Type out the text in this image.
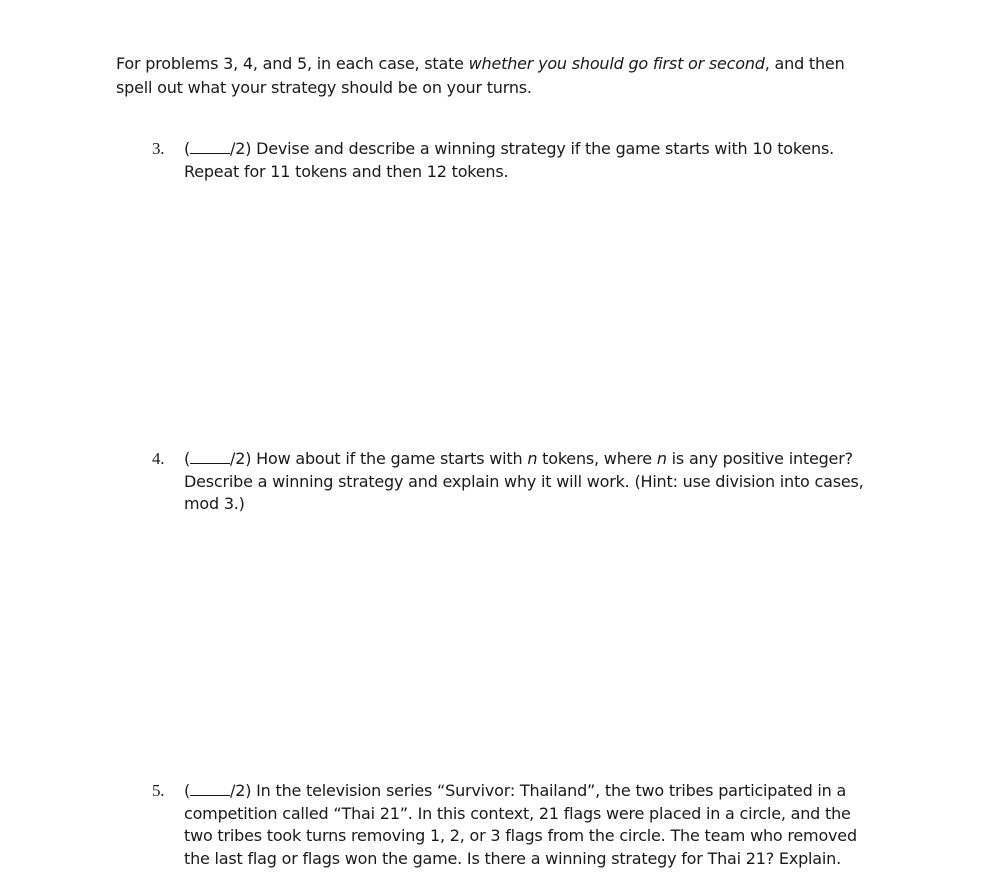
For problems 3, 4, and 5, in each case, state whether you should go first or second, and then spell out what your strategy should be on your turns.
3. (	/2) Devise and describe a winning strategy if the game starts with 10 tokens. Repeat for 11 tokens and then 12 tokens.
4. (	/2) How about if the game starts with n tokens, where n is any positive integer? Describe a winning strategy and explain why it will work. (Hint: use division into cases, mod 3.)
5. (	/2) In the television series “Survivor: Thailand”, the two tribes participated in a competition called “Thai 21”. In this context, 21 flags were placed in a circle, and the two tribes took turns removing 1, 2, or 3 flags from the circle. The team who removed the last flag or flags won the game. Is there a winning strategy for Thai 21? Explain.
